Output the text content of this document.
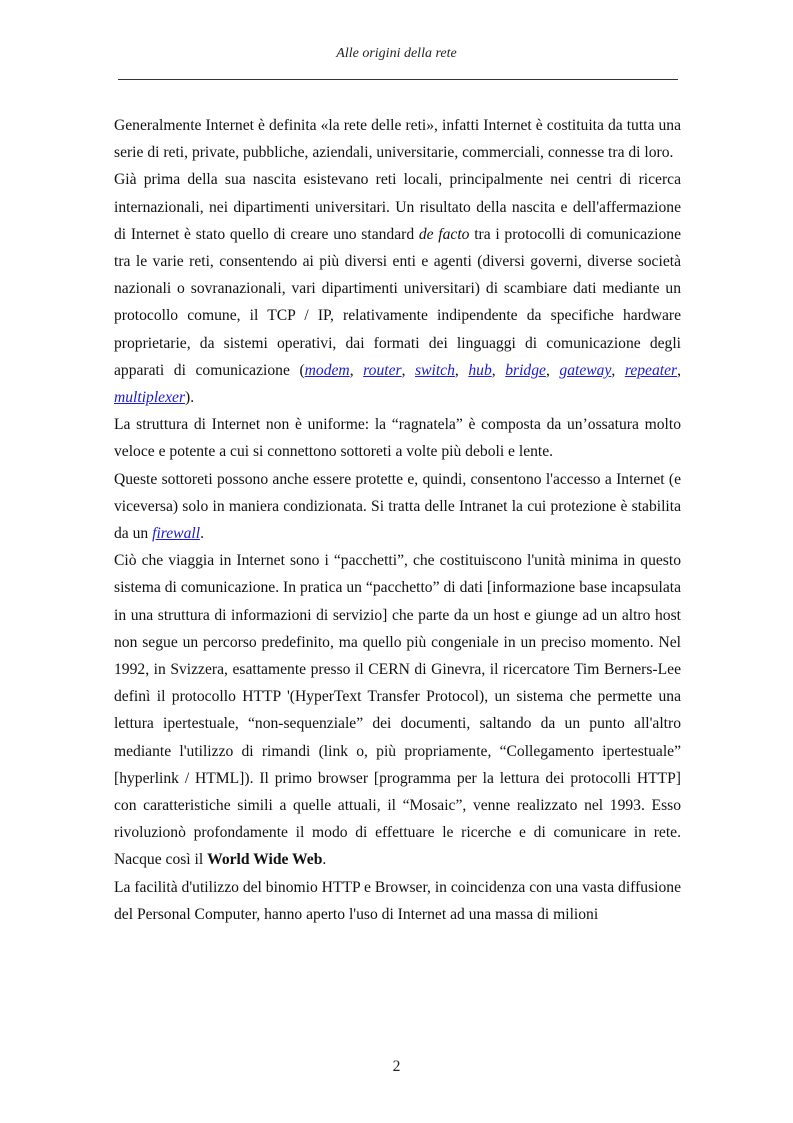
Alle origini della rete

Generalmente Internet è definita «la rete delle reti», infatti Internet è costituita da tutta una serie di reti, private, pubbliche, aziendali, universitarie, commerciali, connesse tra di loro.

Già prima della sua nascita esistevano reti locali, principalmente nei centri di ricerca internazionali, nei dipartimenti universitari. Un risultato della nascita e dell'affermazione di Internet è stato quello di creare uno standard de facto tra i protocolli di comunicazione tra le varie reti, consentendo ai più diversi enti e agenti (diversi governi, diverse società nazionali o sovranazionali, vari dipartimenti universitari) di scambiare dati mediante un protocollo comune, il TCP / IP, relativamente indipendente da specifiche hardware proprietarie, da sistemi operativi, dai formati dei linguaggi di comunicazione degli apparati di comunicazione (modem, router, switch, hub, bridge, gateway, repeater, multiplexer).

La struttura di Internet non è uniforme: la “ragnatela” è composta da un’ossatura molto veloce e potente a cui si connettono sottoreti a volte più deboli e lente.

Queste sottoreti possono anche essere protette e, quindi, consentono l'accesso a Internet (e viceversa) solo in maniera condizionata. Si tratta delle Intranet la cui protezione è stabilita da un firewall.

Ciò che viaggia in Internet sono i “pacchetti”, che costituiscono l'unità minima in questo sistema di comunicazione. In pratica un “pacchetto” di dati [informazione base incapsulata in una struttura di informazioni di servizio] che parte da un host e giunge ad un altro host non segue un percorso predefinito, ma quello più congeniale in un preciso momento. Nel 1992, in Svizzera, esattamente presso il CERN di Ginevra, il ricercatore Tim Berners-Lee definì il protocollo HTTP '(HyperText Transfer Protocol), un sistema che permette una lettura ipertestuale, “non-sequenziale” dei documenti, saltando da un punto all'altro mediante l'utilizzo di rimandi (link o, più propriamente, “Collegamento ipertestuale” [hyperlink / HTML]). Il primo browser [programma per la lettura dei protocolli HTTP] con caratteristiche simili a quelle attuali, il “Mosaic”, venne realizzato nel 1993. Esso rivoluzionò profondamente il modo di effettuare le ricerche e di comunicare in rete. Nacque così il World Wide Web.

La facilità d'utilizzo del binomio HTTP e Browser, in coincidenza con una vasta diffusione del Personal Computer, hanno aperto l'uso di Internet ad una massa di milioni

2
